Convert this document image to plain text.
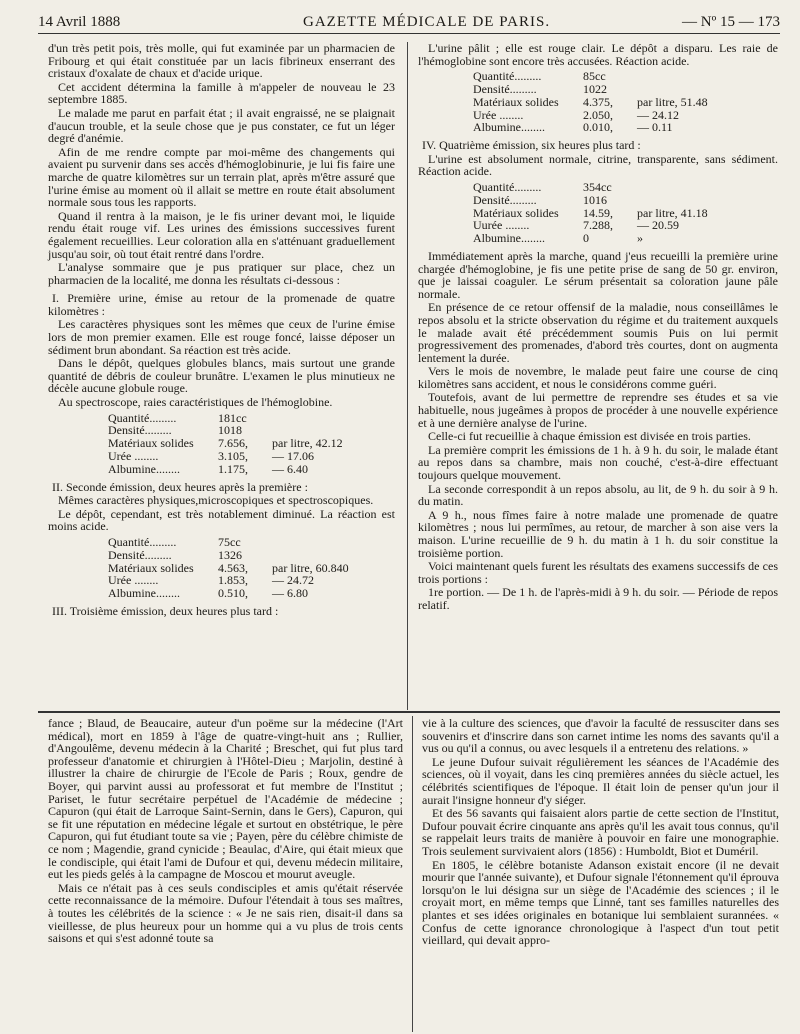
14 Avril 1888	GAZETTE MÉDICALE DE PARIS.	— Nº 15 — 173

d'un très petit pois, très molle, qui fut examinée par un pharmacien de Fribourg et qui était constituée par un lacis fibrineux enserrant des cristaux d'oxalate de chaux et d'acide urique.

Cet accident détermina la famille à m'appeler de nouveau le 23 septembre 1885.

Le malade me parut en parfait état ; il avait engraissé, ne se plaignait d'aucun trouble, et la seule chose que je pus constater, ce fut un léger degré d'anémie.

Afin de me rendre compte par moi-même des changements qui avaient pu survenir dans ses accès d'hémoglobinurie, je lui fis faire une marche de quatre kilomètres sur un terrain plat, après m'être assuré que l'urine émise au moment où il allait se mettre en route était absolument normale sous tous les rapports.

Quand il rentra à la maison, je le fis uriner devant moi, le liquide rendu était rouge vif. Les urines des émissions successives furent également recueillies. Leur coloration alla en s'atténuant graduellement jusqu'au soir, où tout était rentré dans l'ordre.

L'analyse sommaire que je pus pratiquer sur place, chez un pharmacien de la localité, me donna les résultats ci-dessous :

I. Première urine, émise au retour de la promenade de quatre kilomètres :

Les caractères physiques sont les mêmes que ceux de l'urine émise lors de mon premier examen. Elle est rouge foncé, laisse déposer un sédiment brun abondant. Sa réaction est très acide.

Dans le dépôt, quelques globules blancs, mais surtout une grande quantité de débris de couleur brunâtre. L'examen le plus minutieux ne décèle aucune globule rouge.

Au spectroscope, raies caractéristiques de l'hémoglobine.

Quantité.........	181cc	
Densité.........	1018	
Matériaux solides	7.656,	par litre, 42.12
Urée ........	3.105,	— 17.06
Albumine........	1.175,	— 6.40

II. Seconde émission, deux heures après la première :

Mêmes caractères physiques,microscopiques et spectroscopiques.

Le dépôt, cependant, est très notablement diminué. La réaction est moins acide.

Quantité.........	75cc	
Densité.........	1326	
Matériaux solides	4.563,	par litre, 60.840
Urée ........	1.853,	— 24.72
Albumine........	0.510,	— 6.80

III. Troisième émission, deux heures plus tard :

L'urine pâlit ; elle est rouge clair. Le dépôt a disparu. Les raie de l'hémoglobine sont encore très accusées. Réaction acide.

Quantité.........	85cc	
Densité.........	1022	
Matériaux solides	4.375,	par litre, 51.48
Urée ........	2.050,	— 24.12
Albumine........	0.010,	— 0.11

IV. Quatrième émission, six heures plus tard :

L'urine est absolument normale, citrine, transparente, sans sédiment. Réaction acide.

Quantité.........	354cc	
Densité.........	1016	
Matériaux solides	14.59,	par litre, 41.18
Uurée ........	7.288,	— 20.59
Albumine........	0	»

Immédiatement après la marche, quand j'eus recueilli la première urine chargée d'hémoglobine, je fis une petite prise de sang de 50 gr. environ, que je laissai coaguler. Le sérum présentait sa coloration jaune pâle normale.

En présence de ce retour offensif de la maladie, nous conseillâmes le repos absolu et la stricte observation du régime et du traitement auxquels le malade avait été précédemment soumis Puis on lui permit progressivement des promenades, d'abord très courtes, dont on augmenta lentement la durée.

Vers le mois de novembre, le malade peut faire une course de cinq kilomètres sans accident, et nous le considérons comme guéri.

Toutefois, avant de lui permettre de reprendre ses études et sa vie habituelle, nous jugeâmes à propos de procéder à une nouvelle expérience et à une dernière analyse de l'urine.

Celle-ci fut recueillie à chaque émission est divisée en trois parties.

La première comprit les émissions de 1 h. à 9 h. du soir, le malade étant au repos dans sa chambre, mais non couché, c'est-à-dire effectuant toujours quelque mouvement.

La seconde correspondit à un repos absolu, au lit, de 9 h. du soir à 9 h. du matin.

A 9 h., nous fîmes faire à notre malade une promenade de quatre kilomètres ; nous lui permîmes, au retour, de marcher à son aise vers la maison. L'urine recueillie de 9 h. du matin à 1 h. du soir constitue la troisième portion.

Voici maintenant quels furent les résultats des examens successifs de ces trois portions :

1re portion. — De 1 h. de l'après-midi à 9 h. du soir. — Période de repos relatif.

fance ; Blaud, de Beaucaire, auteur d'un poëme sur la médecine (l'Art médical), mort en 1859 à l'âge de quatre-vingt-huit ans ; Rullier, d'Angoulême, devenu médecin à la Charité ; Breschet, qui fut plus tard professeur d'anatomie et chirurgien à l'Hôtel-Dieu ; Marjolin, destiné à illustrer la chaire de chirurgie de l'Ecole de Paris ; Roux, gendre de Boyer, qui parvint aussi au professorat et fut membre de l'Institut ; Pariset, le futur secrétaire perpétuel de l'Académie de médecine ; Capuron (qui était de Larroque Saint-Sernin, dans le Gers), Capuron, qui se fit une réputation en médecine légale et surtout en obstétrique, le père Capuron, qui fut étudiant toute sa vie ; Payen, père du célèbre chimiste de ce nom ; Magendie, grand cynicide ; Beaulac, d'Aire, qui était mieux que le condisciple, qui était l'ami de Dufour et qui, devenu médecin militaire, eut les pieds gelés à la campagne de Moscou et mourut aveugle.

Mais ce n'était pas à ces seuls condisciples et amis qu'était réservée cette reconnaissance de la mémoire. Dufour l'étendait à tous ses maîtres, à toutes les célébrités de la science : « Je ne sais rien, disait-il dans sa vieillesse, de plus heureux pour un homme qui a vu plus de trois cents saisons et qui s'est adonné toute sa

vie à la culture des sciences, que d'avoir la faculté de ressusciter dans ses souvenirs et d'inscrire dans son carnet intime les noms des savants qu'il a vus ou qu'il a connus, ou avec lesquels il a entretenu des relations. »

Le jeune Dufour suivait régulièrement les séances de l'Académie des sciences, où il voyait, dans les cinq premières années du siècle actuel, les célébrités scientifiques de l'époque. Il était loin de penser qu'un jour il aurait l'insigne honneur d'y siéger.

Et des 56 savants qui faisaient alors partie de cette section de l'Institut, Dufour pouvait écrire cinquante ans après qu'il les avait tous connus, qu'il se rappelait leurs traits de manière à pouvoir en faire une monographie. Trois seulement survivaient alors (1856) : Humboldt, Biot et Duméril.

En 1805, le célèbre botaniste Adanson existait encore (il ne devait mourir que l'année suivante), et Dufour signale l'étonnement qu'il éprouva lorsqu'on le lui désigna sur un siège de l'Académie des sciences ; il le croyait mort, en même temps que Linné, tant ses familles naturelles des plantes et ses idées originales en botanique lui semblaient surannées. « Confus de cette ignorance chronologique à l'aspect d'un tout petit vieillard, qui devait appro-
